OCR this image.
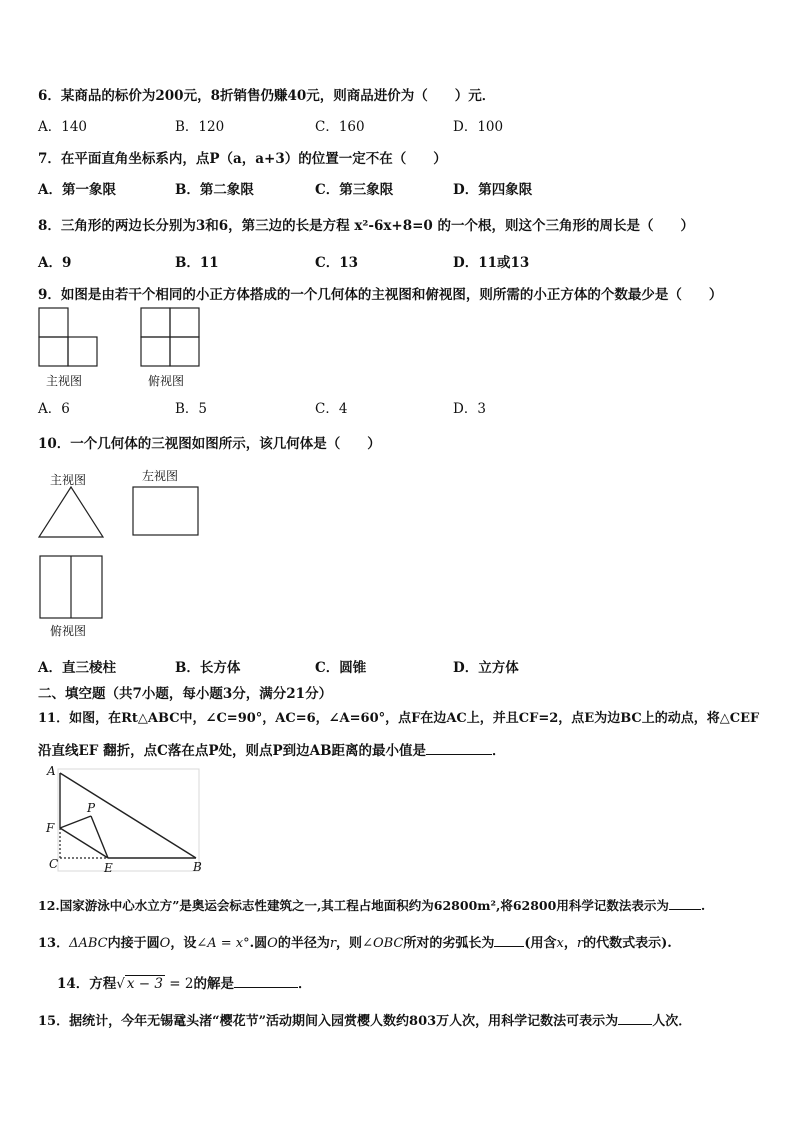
6．某商品的标价为200元，8折销售仍赚40元，则商品进价为（　　）元．
A．140	B．120	C．160	D．100
7．在平面直角坐标系内，点P（a，a+3）的位置一定不在（　　）
A．第一象限	B．第二象限	C．第三象限	D．第四象限
8．三角形的两边长分别为3和6，第三边的长是方程 x²-6x+8=0 的一个根，则这个三角形的周长是（　　）
A．9	B．11	C．13	D．11或13
9．如图是由若干个相同的小正方体搭成的一个几何体的主视图和俯视图，则所需的小正方体的个数最少是（　　）
主视图	俯视图
A．6	B．5	C．4	D．3
10．一个几何体的三视图如图所示，该几何体是（　　）
主视图	左视图
俯视图
A．直三棱柱	B．长方体	C．圆锥	D．立方体
二、填空题（共7小题，每小题3分，满分21分）
11．如图，在Rt△ABC中，∠C=90°，AC=6，∠A=60°，点F在边AC上，并且CF=2，点E为边BC上的动点，将△CEF
沿直线EF 翻折，点C落在点P处，则点P到边AB距离的最小值是	．
A
P
F
C	E	B
12.国家游泳中心水立方”是奥运会标志性建筑之一,其工程占地面积约为62800m²,将62800用科学记数法表示为	.
13．ΔABC内接于圆O，设∠A = x°.圆O的半径为r，则∠OBC所对的劣弧长为 (用含x，r的代数式表示).
14．方程√ x − 3 = 2的解是	．
15．据统计，今年无锡鼋头渚“樱花节”活动期间入园赏樱人数约803万人次，用科学记数法可表示为	人次．
